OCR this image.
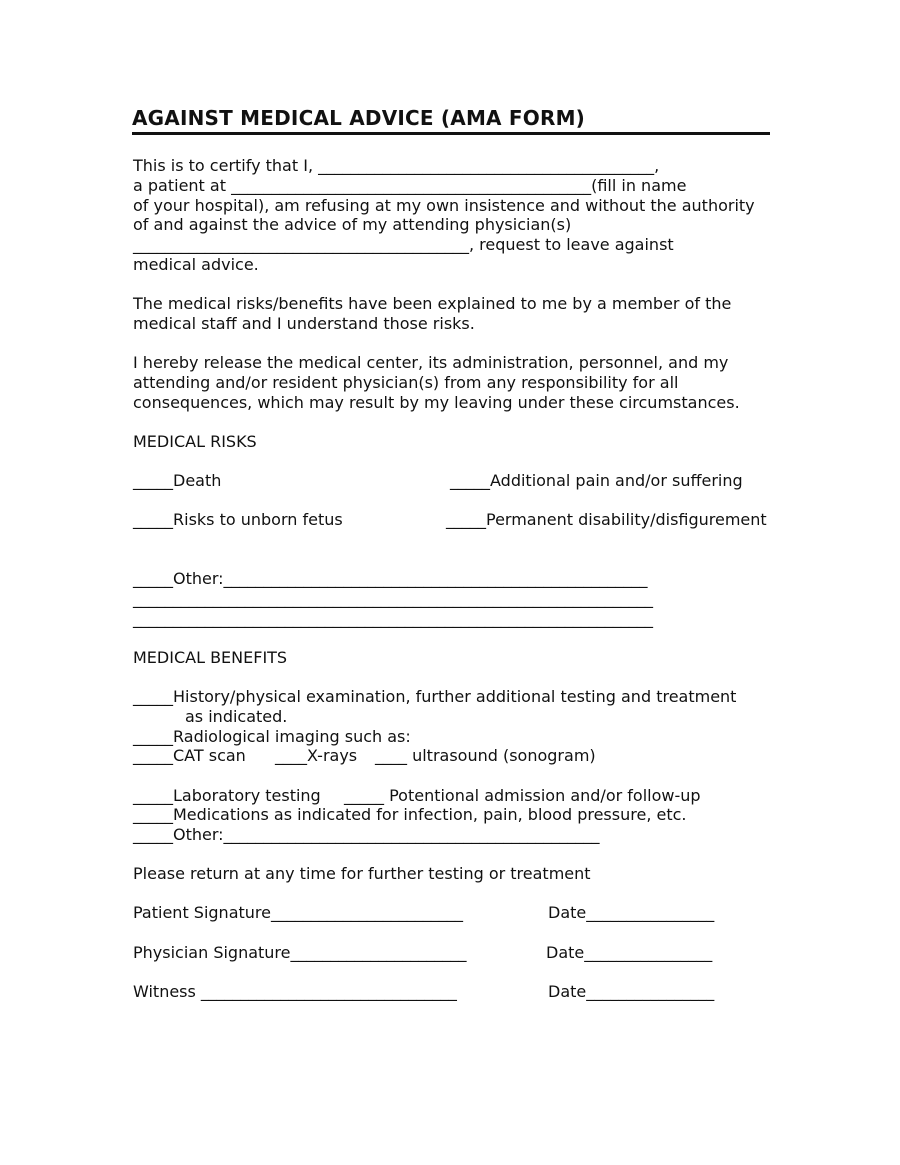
AGAINST MEDICAL ADVICE (AMA FORM)
This is to certify that I, __________________________________________,
a patient at _____________________________________________(fill in name
of your hospital), am refusing at my own insistence and without the authority
of and against the advice of my attending physician(s)
__________________________________________, request to leave against
medical advice.
The medical risks/benefits have been explained to me by a member of the
medical staff and I understand those risks.
I hereby release the medical center, its administration, personnel, and my
attending and/or resident physician(s) from any responsibility for all
consequences, which may result by my leaving under these circumstances.
MEDICAL RISKS
_____Death	_____Additional pain and/or suffering
_____Risks to unborn fetus	_____Permanent disability/disfigurement
_____Other:_____________________________________________________
_________________________________________________________________
_________________________________________________________________
MEDICAL BENEFITS
_____History/physical examination, further additional testing and treatment
as indicated.
_____Radiological imaging such as:
_____CAT scan ____X-rays ____ ultrasound (sonogram)
_____Laboratory testing _____ Potentional admission and/or follow-up
_____Medications as indicated for infection, pain, blood pressure, etc.
_____Other:_______________________________________________
Please return at any time for further testing or treatment
Patient Signature________________________	Date________________
Physician Signature______________________	Date________________
Witness ________________________________	Date________________
